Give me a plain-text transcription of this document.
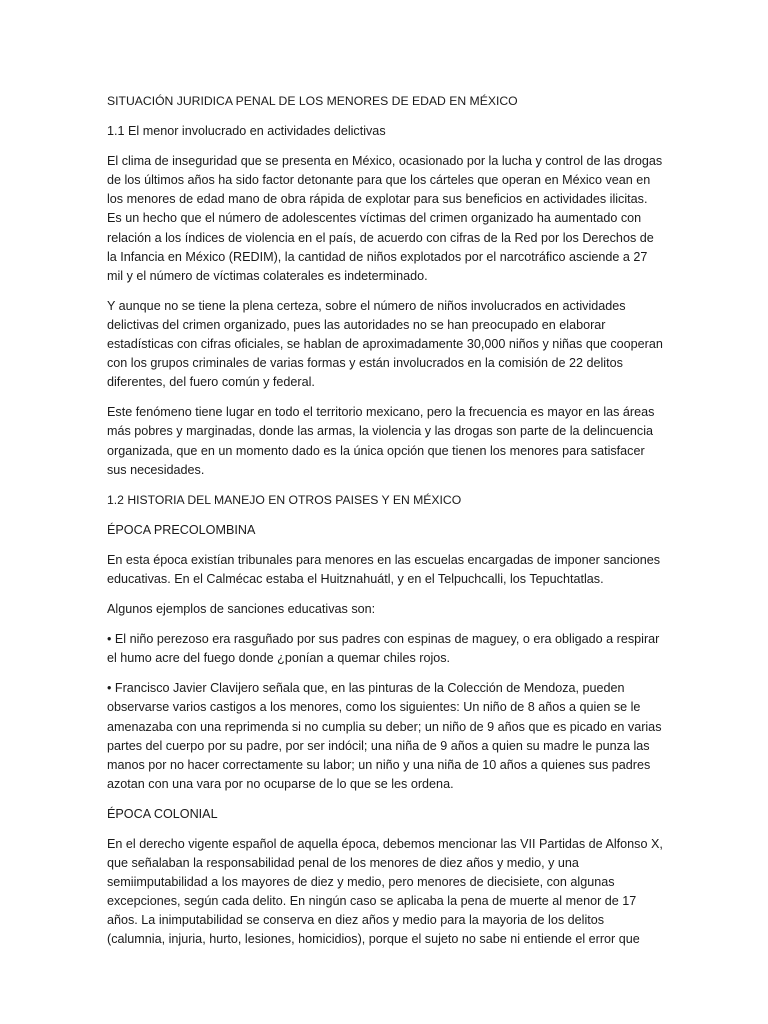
SITUACIÓN JURIDICA PENAL DE LOS MENORES DE EDAD EN MÉXICO

1.1 El menor involucrado en actividades delictivas

El clima de inseguridad que se presenta en México, ocasionado por la lucha y control de las drogas de los últimos años ha sido factor detonante para que los cárteles que operan en México vean en los menores de edad mano de obra rápida de explotar para sus beneficios en actividades ilicitas. Es un hecho que el número de adolescentes víctimas del crimen organizado ha aumentado con relación a los índices de violencia en el país, de acuerdo con cifras de la Red por los Derechos de la Infancia en México (REDIM), la cantidad de niños explotados por el narcotráfico asciende a 27 mil y el número de víctimas colaterales es indeterminado.

Y aunque no se tiene la plena certeza, sobre el número de niños involucrados en actividades delictivas del crimen organizado, pues las autoridades no se han preocupado en elaborar estadísticas con cifras oficiales, se hablan de aproximadamente 30,000 niños y niñas que cooperan con los grupos criminales de varias formas y están involucrados en la comisión de 22 delitos diferentes, del fuero común y federal.

Este fenómeno tiene lugar en todo el territorio mexicano, pero la frecuencia es mayor en las áreas más pobres y marginadas, donde las armas, la violencia y las drogas son parte de la delincuencia organizada, que en un momento dado es la única opción que tienen los menores para satisfacer sus necesidades.

1.2 HISTORIA DEL MANEJO EN OTROS PAISES Y EN MÉXICO

ÉPOCA PRECOLOMBINA

En esta época existían tribunales para menores en las escuelas encargadas de imponer sanciones educativas. En el Calmécac estaba el Huitznahuátl, y en el Telpuchcalli, los Tepuchtatlas.

Algunos ejemplos de sanciones educativas son:

• El niño perezoso era rasguñado por sus padres con espinas de maguey, o era obligado a respirar el humo acre del fuego donde ¿ponían a quemar chiles rojos.

• Francisco Javier Clavijero señala que, en las pinturas de la Colección de Mendoza, pueden observarse varios castigos a los menores, como los siguientes: Un niño de 8 años a quien se le amenazaba con una reprimenda si no cumplia su deber; un niño de 9 años que es picado en varias partes del cuerpo por su padre, por ser indócil; una niña de 9 años a quien su madre le punza las manos por no hacer correctamente su labor; un niño y una niña de 10 años a quienes sus padres azotan con una vara por no ocuparse de lo que se les ordena.

ÉPOCA COLONIAL

En el derecho vigente español de aquella época, debemos mencionar las VII Partidas de Alfonso X, que señalaban la responsabilidad penal de los menores de diez años y medio, y una semiimputabilidad a los mayores de diez y medio, pero menores de diecisiete, con algunas excepciones, según cada delito. En ningún caso se aplicaba la pena de muerte al menor de 17 años. La inimputabilidad se conserva en diez años y medio para la mayoria de los delitos (calumnia, injuria, hurto, lesiones, homicidios), porque el sujeto no sabe ni entiende el error que
